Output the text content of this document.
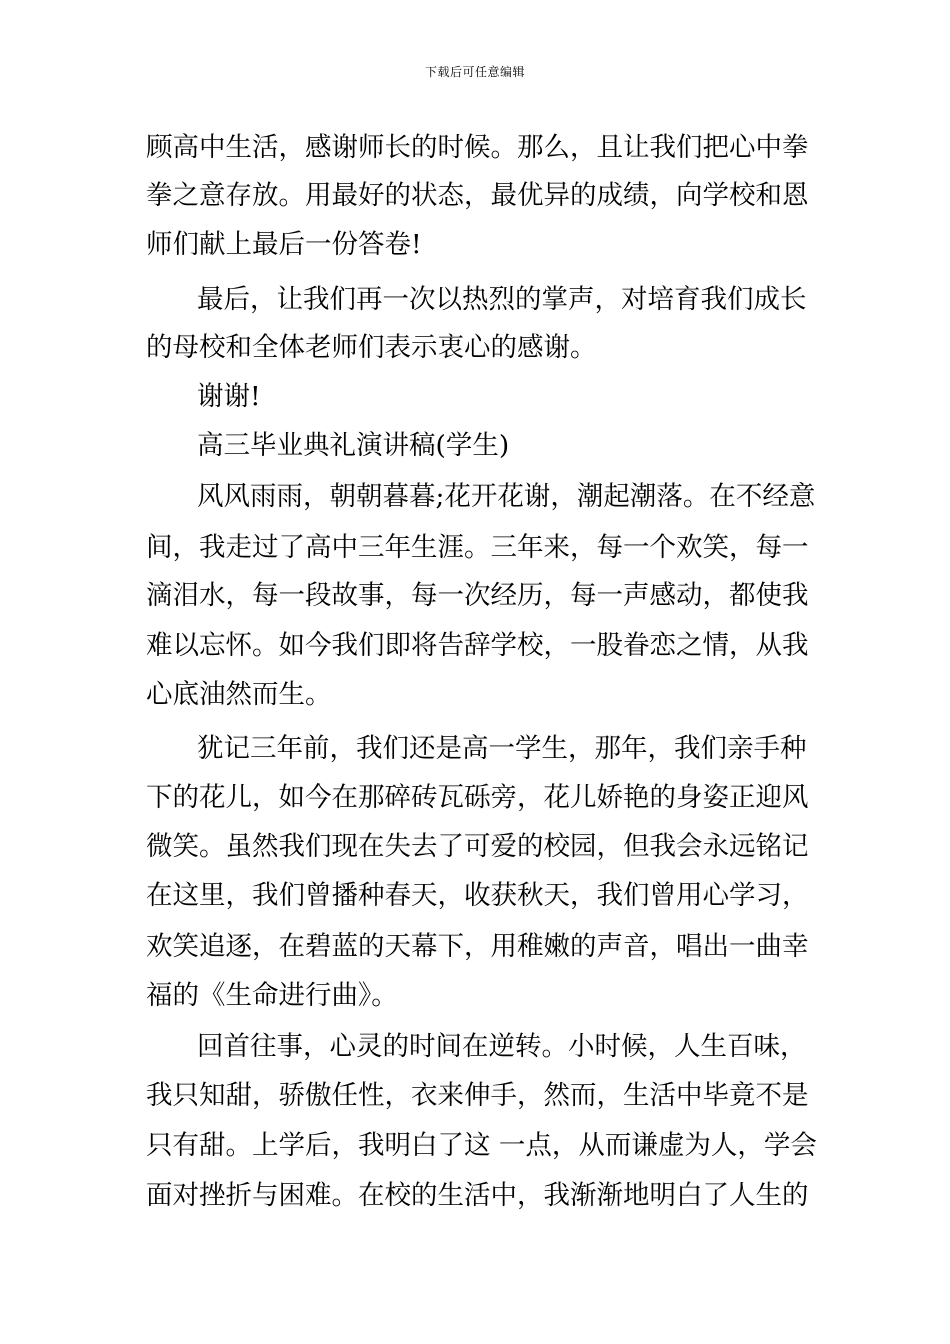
下载后可任意编辑
顾高中生活，感谢师长的时候。那么，且让我们把心中拳
拳之意存放。用最好的状态，最优异的成绩，向学校和恩
师们献上最后一份答卷!
最后，让我们再一次以热烈的掌声，对培育我们成长
的母校和全体老师们表示衷心的感谢。
谢谢!
高三毕业典礼演讲稿(学生)
风风雨雨，朝朝暮暮;花开花谢，潮起潮落。在不经意
间，我走过了高中三年生涯。三年来，每一个欢笑，每一
滴泪水，每一段故事，每一次经历，每一声感动，都使我
难以忘怀。如今我们即将告辞学校，一股眷恋之情，从我
心底油然而生。
犹记三年前，我们还是高一学生，那年，我们亲手种
下的花儿，如今在那碎砖瓦砾旁，花儿娇艳的身姿正迎风
微笑。虽然我们现在失去了可爱的校园，但我会永远铭记
在这里，我们曾播种春天，收获秋天，我们曾用心学习，
欢笑追逐，在碧蓝的天幕下，用稚嫩的声音，唱出一曲幸
福的《生命进行曲》。
回首往事，心灵的时间在逆转。小时候，人生百味，
我只知甜，骄傲任性，衣来伸手，然而，生活中毕竟不是
只有甜。上学后，我明白了这 一点，从而谦虚为人，学会
面对挫折与困难。在校的生活中，我渐渐地明白了人生的
